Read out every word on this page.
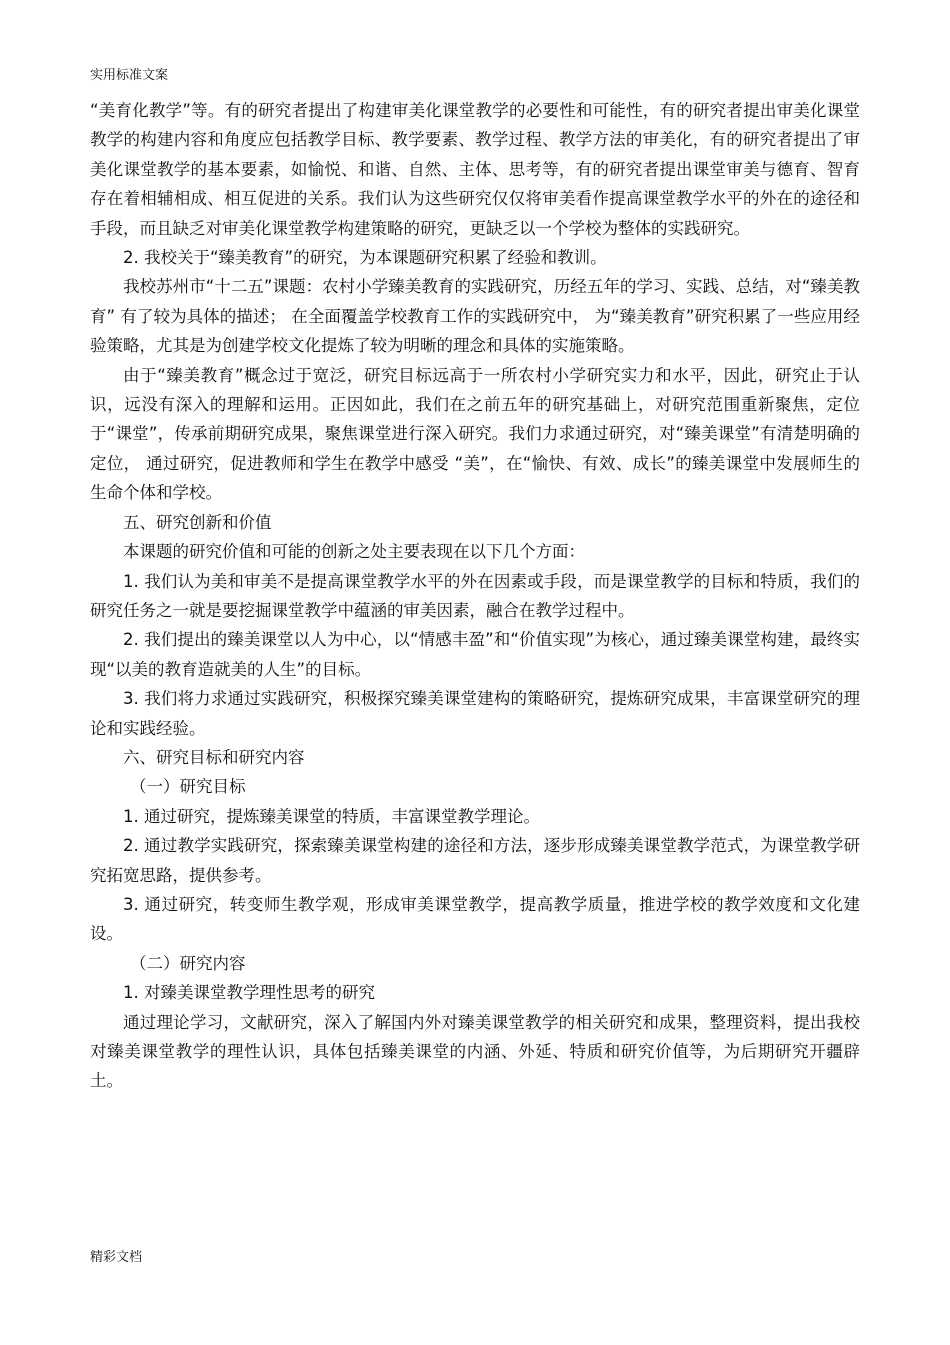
实用标准文案

“美育化教学”等。有的研究者提出了构建审美化课堂教学的必要性和可能性，有的研究者提出审美化课堂教学的构建内容和角度应包括教学目标、教学要素、教学过程、教学方法的审美化，有的研究者提出了审美化课堂教学的基本要素，如愉悦、和谐、自然、主体、思考等，有的研究者提出课堂审美与德育、智育存在着相辅相成、相互促进的关系。我们认为这些研究仅仅将审美看作提高课堂教学水平的外在的途径和手段，而且缺乏对审美化课堂教学构建策略的研究，更缺乏以一个学校为整体的实践研究。

2. 我校关于“臻美教育”的研究，为本课题研究积累了经验和教训。

我校苏州市“十二五”课题：农村小学臻美教育的实践研究，历经五年的学习、实践、总结，对“臻美教育” 有了较为具体的描述； 在全面覆盖学校教育工作的实践研究中， 为“臻美教育”研究积累了一些应用经验策略，尤其是为创建学校文化提炼了较为明晰的理念和具体的实施策略。

由于“臻美教育”概念过于宽泛，研究目标远高于一所农村小学研究实力和水平，因此，研究止于认识，远没有深入的理解和运用。正因如此，我们在之前五年的研究基础上，对研究范围重新聚焦，定位于“课堂”，传承前期研究成果，聚焦课堂进行深入研究。我们力求通过研究，对“臻美课堂”有清楚明确的定位， 通过研究，促进教师和学生在教学中感受 “美”，在“愉快、有效、成长”的臻美课堂中发展师生的生命个体和学校。

五、研究创新和价值

本课题的研究价值和可能的创新之处主要表现在以下几个方面：

1. 我们认为美和审美不是提高课堂教学水平的外在因素或手段，而是课堂教学的目标和特质，我们的研究任务之一就是要挖掘课堂教学中蕴涵的审美因素，融合在教学过程中。

2. 我们提出的臻美课堂以人为中心，以“情感丰盈”和“价值实现”为核心，通过臻美课堂构建，最终实现“以美的教育造就美的人生”的目标。

3. 我们将力求通过实践研究，积极探究臻美课堂建构的策略研究，提炼研究成果，丰富课堂研究的理论和实践经验。

六、研究目标和研究内容

（一）研究目标

1. 通过研究，提炼臻美课堂的特质，丰富课堂教学理论。

2. 通过教学实践研究，探索臻美课堂构建的途径和方法，逐步形成臻美课堂教学范式，为课堂教学研究拓宽思路，提供参考。

3. 通过研究，转变师生教学观，形成审美课堂教学，提高教学质量，推进学校的教学效度和文化建设。

（二）研究内容

1. 对臻美课堂教学理性思考的研究

通过理论学习，文献研究，深入了解国内外对臻美课堂教学的相关研究和成果，整理资料，提出我校对臻美课堂教学的理性认识，具体包括臻美课堂的内涵、外延、特质和研究价值等，为后期研究开疆辟土。

精彩文档
